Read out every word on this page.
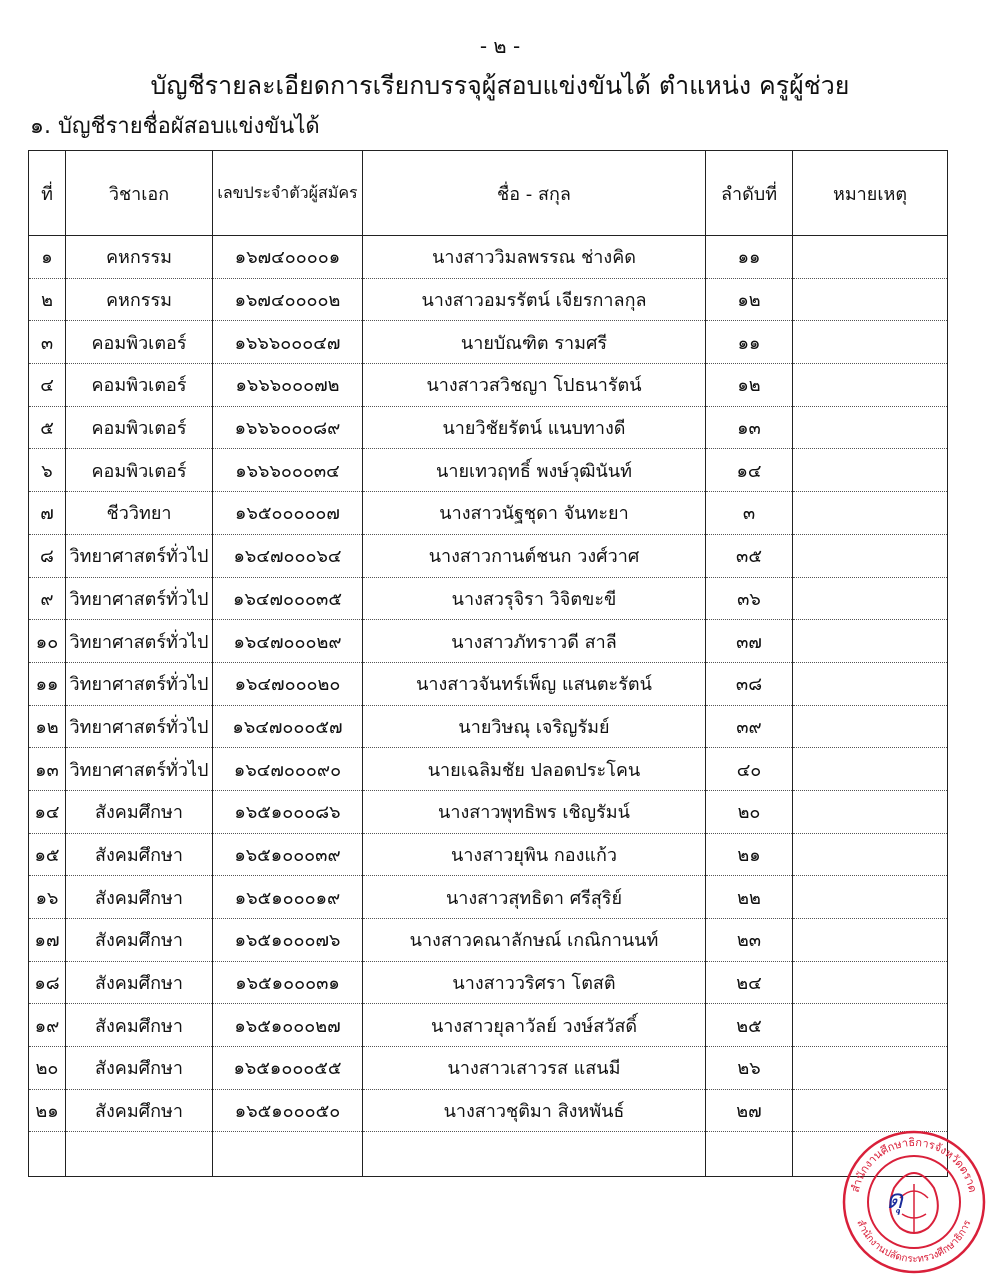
- ๒ -
บัญชีรายละเอียดการเรียกบรรจุผู้สอบแข่งขันได้ ตำแหน่ง ครูผู้ช่วย
๑. บัญชีรายชื่อผัสอบแข่งขันได้
ที่	วิชาเอก	เลขประจำตัวผู้สมัคร	ชื่อ - สกุล	ลำดับที่	หมายเหตุ
๑	คหกรรม	๑๖๗๔๐๐๐๐๑	นางสาววิมลพรรณ ช่างคิด	๑๑	
๒	คหกรรม	๑๖๗๔๐๐๐๐๒	นางสาวอมรรัตน์ เจียรกาลกุล	๑๒	
๓	คอมพิวเตอร์	๑๖๖๖๐๐๐๔๗	นายบัณฑิต รามศรี	๑๑	
๔	คอมพิวเตอร์	๑๖๖๖๐๐๐๗๒	นางสาวสวิชญา โปธนารัตน์	๑๒	
๕	คอมพิวเตอร์	๑๖๖๖๐๐๐๘๙	นายวิชัยรัตน์ แนบทางดี	๑๓	
๖	คอมพิวเตอร์	๑๖๖๖๐๐๐๓๔	นายเทวฤทธิ์ พงษ์วุฒินันท์	๑๔	
๗	ชีววิทยา	๑๖๕๐๐๐๐๐๗	นางสาวนัฐชุดา จันทะยา	๓	
๘	วิทยาศาสตร์ทั่วไป	๑๖๔๗๐๐๐๖๔	นางสาวกานต์ชนก วงศ์วาศ	๓๕	
๙	วิทยาศาสตร์ทั่วไป	๑๖๔๗๐๐๐๓๕	นางสวรุจิรา วิจิตขะขี	๓๖	
๑๐	วิทยาศาสตร์ทั่วไป	๑๖๔๗๐๐๐๒๙	นางสาวภัทราวดี สาลี	๓๗	
๑๑	วิทยาศาสตร์ทั่วไป	๑๖๔๗๐๐๐๒๐	นางสาวจันทร์เพ็ญ แสนตะรัตน์	๓๘	
๑๒	วิทยาศาสตร์ทั่วไป	๑๖๔๗๐๐๐๕๗	นายวิษณุ เจริญรัมย์	๓๙	
๑๓	วิทยาศาสตร์ทั่วไป	๑๖๔๗๐๐๐๙๐	นายเฉลิมชัย ปลอดประโคน	๔๐	
๑๔	สังคมศึกษา	๑๖๕๑๐๐๐๘๖	นางสาวพุทธิพร เชิญรัมน์	๒๐	
๑๕	สังคมศึกษา	๑๖๕๑๐๐๐๓๙	นางสาวยุพิน กองแก้ว	๒๑	
๑๖	สังคมศึกษา	๑๖๕๑๐๐๐๑๙	นางสาวสุทธิดา ศรีสุริย์	๒๒	
๑๗	สังคมศึกษา	๑๖๕๑๐๐๐๗๖	นางสาวคณาลักษณ์ เกณิกานนท์	๒๓	
๑๘	สังคมศึกษา	๑๖๕๑๐๐๐๓๑	นางสาววริศรา โตสติ	๒๔	
๑๙	สังคมศึกษา	๑๖๕๑๐๐๐๒๗	นางสาวยุลาวัลย์ วงษ์สวัสดิ์	๒๕	
๒๐	สังคมศึกษา	๑๖๕๑๐๐๐๕๕	นางสาวเสาวรส แสนมี	๒๖	
๒๑	สังคมศึกษา	๑๖๕๑๐๐๐๕๐	นางสาวชุติมา สิงหพันธ์	๒๗	

สำนักงานศึกษาธิการจังหวัดตราด
สำนักงานปลัดกระทรวงศึกษาธิการ
ดุ
